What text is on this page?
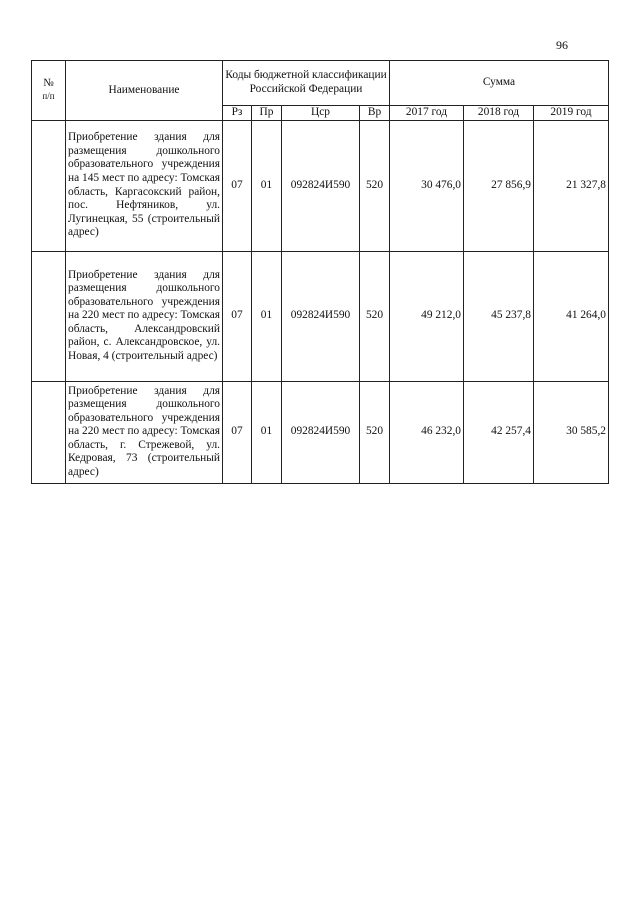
96
№
п/п	Наименование	Коды бюджетной классификации Российской Федерации				Сумма		
		Рз	Пр	Цср	Вр	2017 год	2018 год	2019 год
	Приобретение здания для размещения дошкольного образовательного учреждения на 145 мест по адресу: Томская область, Каргасокский район, пос. Нефтяников, ул. Лугинецкая, 55 (строительный адрес)	07	01	092824И590	520	30 476,0	27 856,9	21 327,8
	Приобретение здания для размещения дошкольного образовательного учреждения на 220 мест по адресу: Томская область, Александровский район, с. Александровское, ул. Новая, 4 (строительный адрес)	07	01	092824И590	520	49 212,0	45 237,8	41 264,0
	Приобретение здания для размещения дошкольного образовательного учреждения на 220 мест по адресу: Томская область, г. Стрежевой, ул. Кедровая, 73 (строительный адрес)	07	01	092824И590	520	46 232,0	42 257,4	30 585,2
